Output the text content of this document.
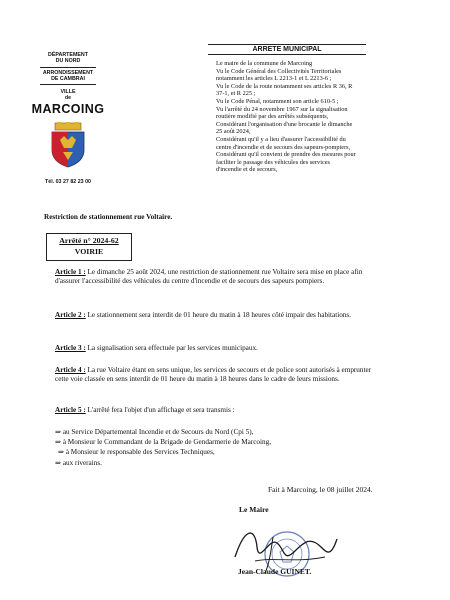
DÉPARTEMENT
DU NORD
ARRONDISSEMENT
DE CAMBRAI
VILLE
de
MARCOING
Tél. 03 27 82 23 00
ARRETE MUNICIPAL
Le maire de la commune de Marcoing
Vu le Code Général des Collectivités Territoriales
notamment les articles L 2213-1 et L 2213-6 ;
Vu le Code de la route notamment ses articles R 36, R
37-1, et R 225 ;
Vu le Code Pénal, notamment son article 610-5 ;
Vu l'arrêté du 24 novembre 1967 sur la signalisation
routière modifié par des arrêtés subséquents,
Considérant l'organisation d'une brocante le dimanche
25 août 2024,
Considérant qu'il y a lieu d'assurer l'accessibilité du
centre d'incendie et de secours des sapeurs-pompiers,
Considérant qu'il convient de prendre des mesures pour
faciliter le passage des véhicules des services
d'incendie et de secours,
Restriction de stationnement rue Voltaire.
Arrêté n° 2024-62
VOIRIE
Article 1 : Le dimanche 25 août 2024, une restriction de stationnement rue Voltaire sera mise en place afin d'assurer l'accessibilité des véhicules du centre d'incendie et de secours des sapeurs pompiers.
Article 2 : Le stationnement sera interdit de 01 heure du matin à 18 heures côté impair des habitations.
Article 3 : La signalisation sera effectuée par les services municipaux.
Article 4 : La rue Voltaire étant en sens unique, les services de secours et de police sont autorisés à emprunter cette voie classée en sens interdit de 01 heure du matin à 18 heures dans le cadre de leurs missions.
Article 5 : L'arrêté fera l'objet d'un affichage et sera transmis :
⇒ au Service Départemental Incendie et de Secours du Nord (Cpi 5),
⇒ à Monsieur le Commandant de la Brigade de Gendarmerie de Marcoing,
⇒ à Monsieur le responsable des Services Techniques,
⇒ aux riverains.
Fait à Marcoing, le 08 juillet 2024.
Le Maire
Jean-Claude GUINET.
